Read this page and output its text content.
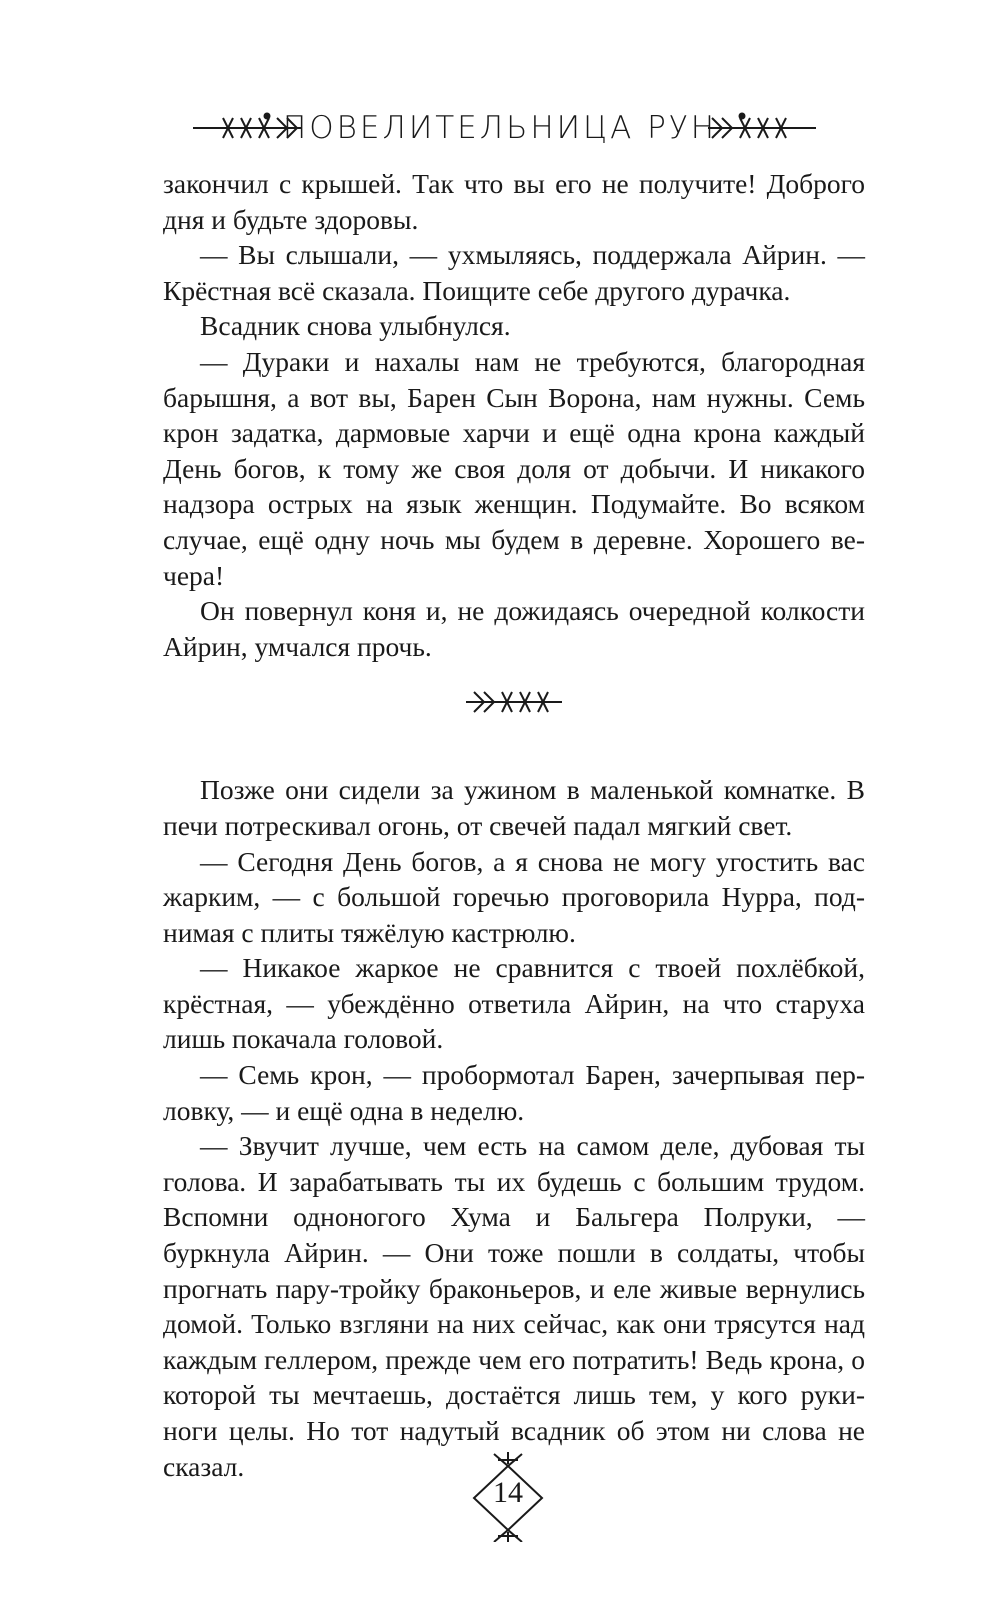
ПОВЕЛИТЕЛЬНИЦА РУН

закончил с крышей. Так что вы его не получите! Доброго дня и будьте здоровы.

— Вы слышали, — ухмыляясь, поддержала Айрин. — Крёстная всё сказала. Поищите себе другого дурачка.

Всадник снова улыбнулся.

— Дураки и нахалы нам не требуются, благородная барышня, а вот вы, Барен Сын Ворона, нам нужны. Семь крон задатка, дармовые харчи и ещё одна крона каждый День богов, к тому же своя доля от добычи. И никакого надзора острых на язык женщин. Подумайте. Во всяком случае, ещё одну ночь мы будем в деревне. Хорошего вечера!

Он повернул коня и, не дожидаясь очередной колкости Айрин, умчался прочь.

Позже они сидели за ужином в маленькой комнатке. В печи потрескивал огонь, от свечей падал мягкий свет.

— Сегодня День богов, а я снова не могу угостить вас жарким, — с большой горечью проговорила Нурра, поднимая с плиты тяжёлую кастрюлю.

— Никакое жаркое не сравнится с твоей похлёбкой, крёстная, — убеждённо ответила Айрин, на что старуха лишь покачала головой.

— Семь крон, — пробормотал Барен, зачерпывая перловку, — и ещё одна в неделю.

— Звучит лучше, чем есть на самом деле, дубовая ты голова. И зарабатывать ты их будешь с большим трудом. Вспомни одноногого Хума и Бальгера Полруки, — буркнула Айрин. — Они тоже пошли в солдаты, чтобы прогнать пару-тройку браконьеров, и еле живые вернулись домой. Только взгляни на них сейчас, как они трясутся над каждым геллером, прежде чем его потратить! Ведь крона, о которой ты мечтаешь, достаётся лишь тем, у кого руки-ноги целы. Но тот надутый всадник об этом ни слова не сказал.

14
